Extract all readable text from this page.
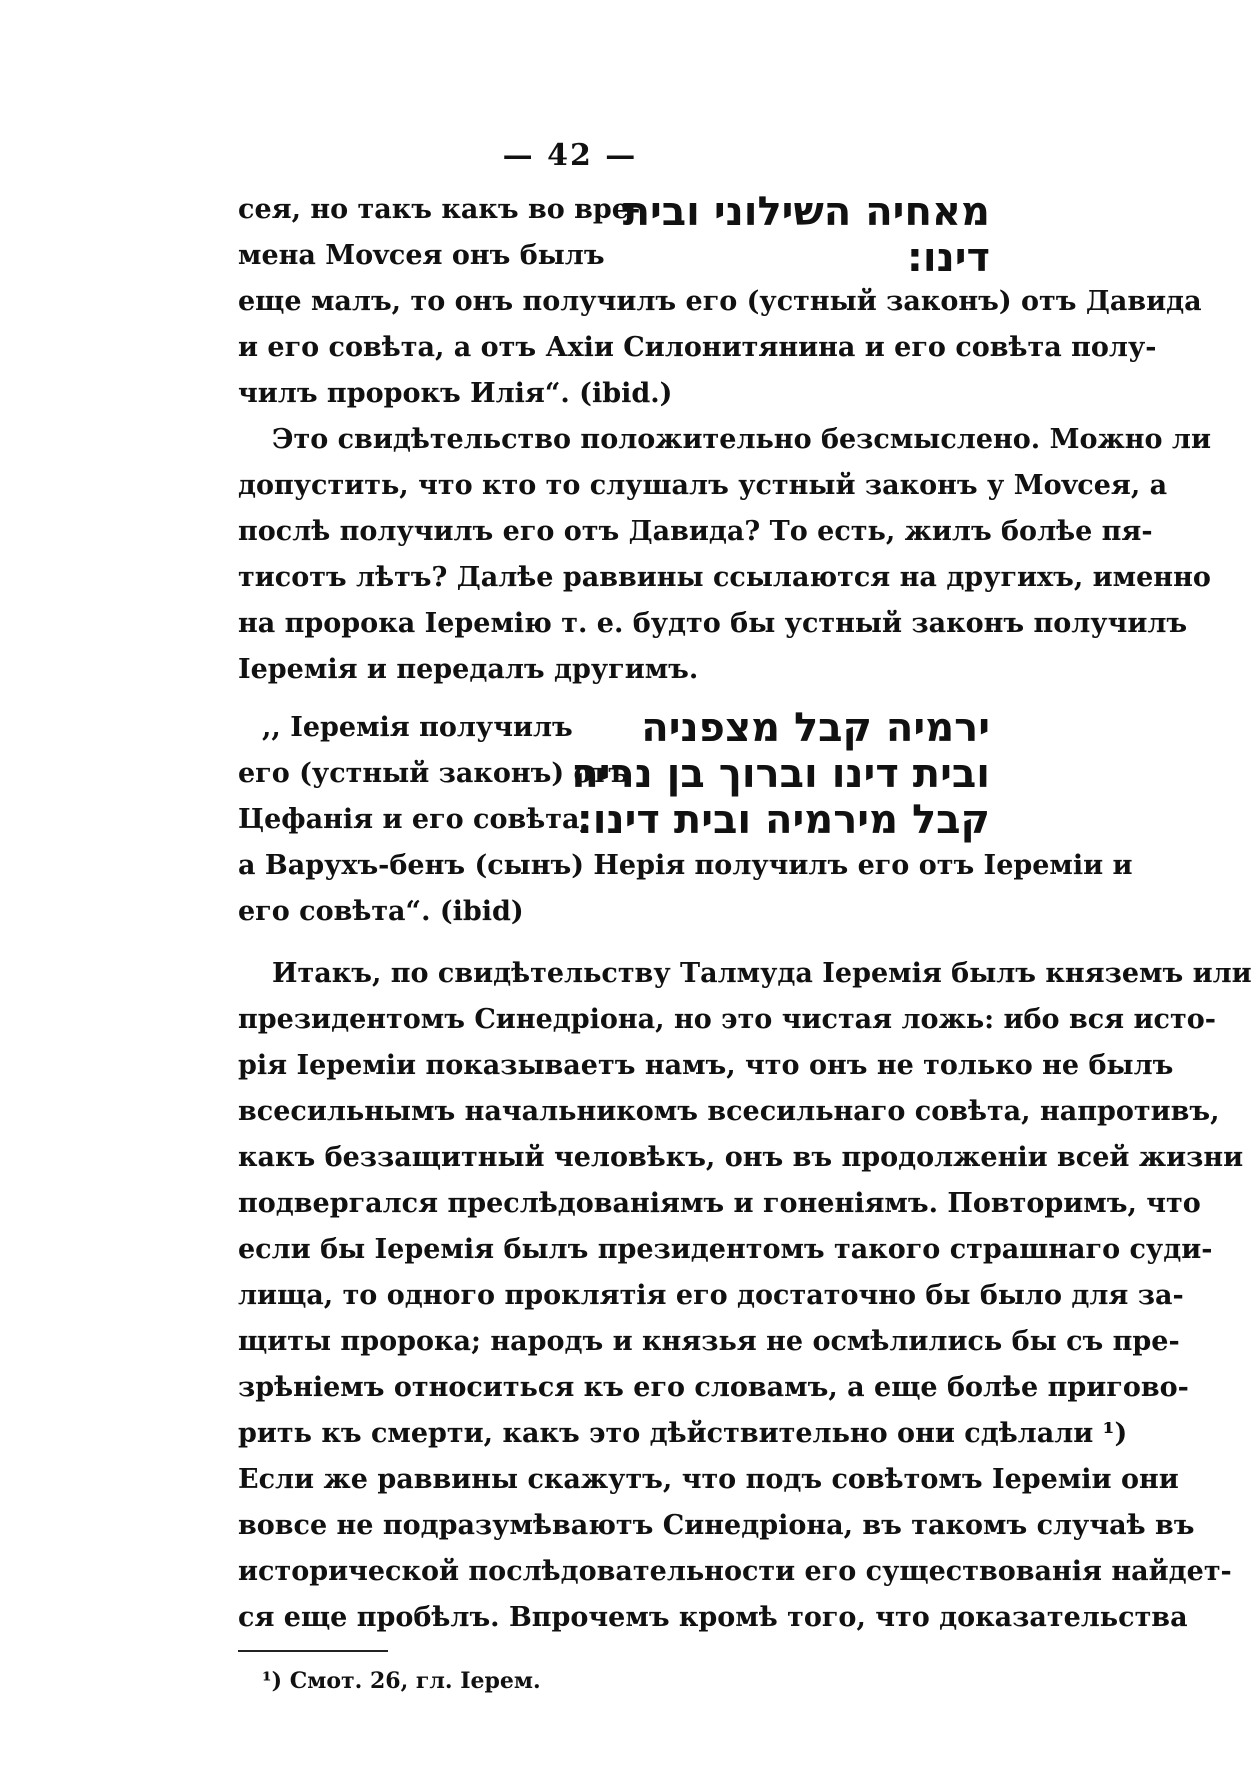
— 42 —
מאחיה השילוני ובית
דינו:
сея, но такъ какъ во вре-
мена Моvсея онъ былъ
еще малъ, то онъ получилъ его (устный законъ) отъ Давида
и его совѣта, а отъ Ахiи Силонитянина и его совѣта полу-
чилъ пророкъ Илiя“. (ibid.)
Это свидѣтельство положительно безсмыслено. Можно ли
допустить, что кто то слушалъ устный законъ у Моvсея, а
послѣ получилъ его отъ Давида? То есть, жилъ болѣе пя-
тисотъ лѣтъ? Далѣе раввины ссылаются на другихъ, именно
на пророка Iеремiю т. е. будто бы устный законъ получилъ
Iеремiя и передалъ другимъ.
ירמיה קבל מצפניה
ובית דינו וברוך בן נריה
קבל מירמיה ובית דינו:
,, Iеремiя получилъ
его (устный законъ) отъ
Цефанiя и его совѣта,
а Варухъ-бенъ (сынъ) Нерiя получилъ его отъ Iеремiи и
его совѣта“. (ibid)
Итакъ, по свидѣтельству Талмуда Iеремiя былъ княземъ или
президентомъ Синедрiона, но это чистая ложь: ибо вся исто-
рiя Iеремiи показываетъ намъ, что онъ не только не былъ
всесильнымъ начальникомъ всесильнаго совѣта, напротивъ,
какъ беззащитный человѣкъ, онъ въ продолженiи всей жизни
подвергался преслѣдованiямъ и гоненiямъ. Повторимъ, что
если бы Iеремiя былъ президентомъ такого страшнаго суди-
лища, то одного проклятiя его достаточно бы было для за-
щиты пророка; народъ и князья не осмѣлились бы съ пре-
зрѣнiемъ относиться къ его словамъ, а еще болѣе пригово-
рить къ смерти, какъ это дѣйствительно они сдѣлали ¹)
Если же раввины скажутъ, что подъ совѣтомъ Iеремiи они
вовсе не подразумѣваютъ Синедрiона, въ такомъ случаѣ въ
исторической послѣдовательности его существованiя найдет-
ся еще пробѣлъ. Впрочемъ кромѣ того, что доказательства
¹) Смот. 26, гл. Iерем.
